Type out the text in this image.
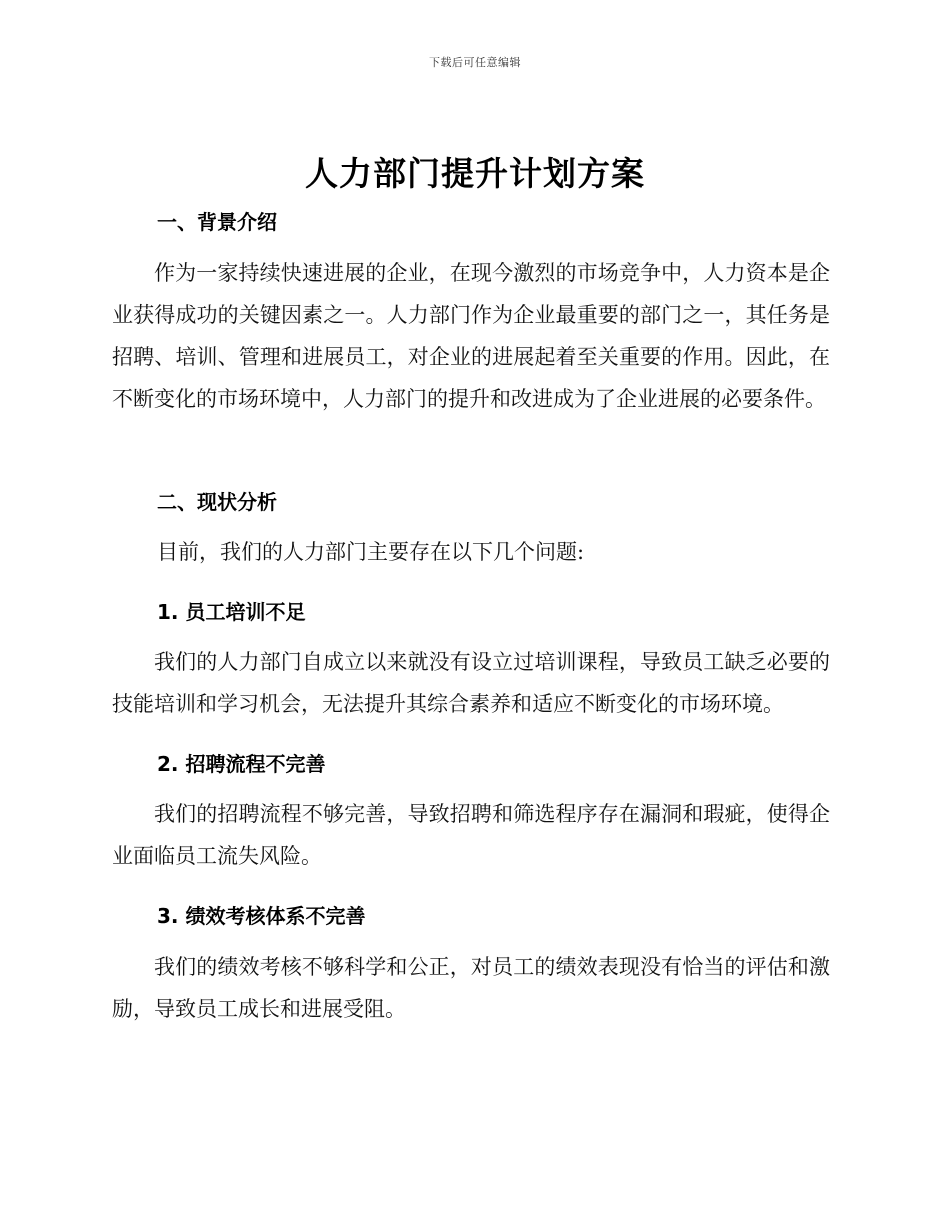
下载后可任意编辑
人力部门提升计划方案
一、背景介绍

作为一家持续快速进展的企业，在现今激烈的市场竞争中，人力资本是企业获得成功的关键因素之一。人力部门作为企业最重要的部门之一，其任务是招聘、培训、管理和进展员工，对企业的进展起着至关重要的作用。因此，在不断变化的市场环境中，人力部门的提升和改进成为了企业进展的必要条件。

二、现状分析

目前，我们的人力部门主要存在以下几个问题:

1. 员工培训不足

我们的人力部门自成立以来就没有设立过培训课程，导致员工缺乏必要的技能培训和学习机会，无法提升其综合素养和适应不断变化的市场环境。

2. 招聘流程不完善

我们的招聘流程不够完善，导致招聘和筛选程序存在漏洞和瑕疵，使得企业面临员工流失风险。

3. 绩效考核体系不完善

我们的绩效考核不够科学和公正，对员工的绩效表现没有恰当的评估和激励，导致员工成长和进展受阻。
